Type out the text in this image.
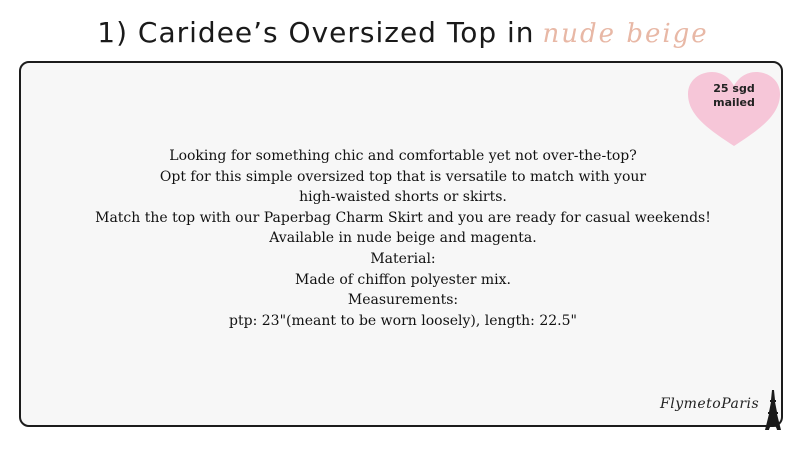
1) Caridee’s Oversized Top in nude beige
25 sgd
mailed
Looking for something chic and comfortable yet not over-the-top?
Opt for this simple oversized top that is versatile to match with your
high-waisted shorts or skirts.
Match the top with our Paperbag Charm Skirt and you are ready for casual weekends!
Available in nude beige and magenta.
Material:
Made of chiffon polyester mix.
Measurements:
ptp: 23"(meant to be worn loosely), length: 22.5"
FlymetoParis
